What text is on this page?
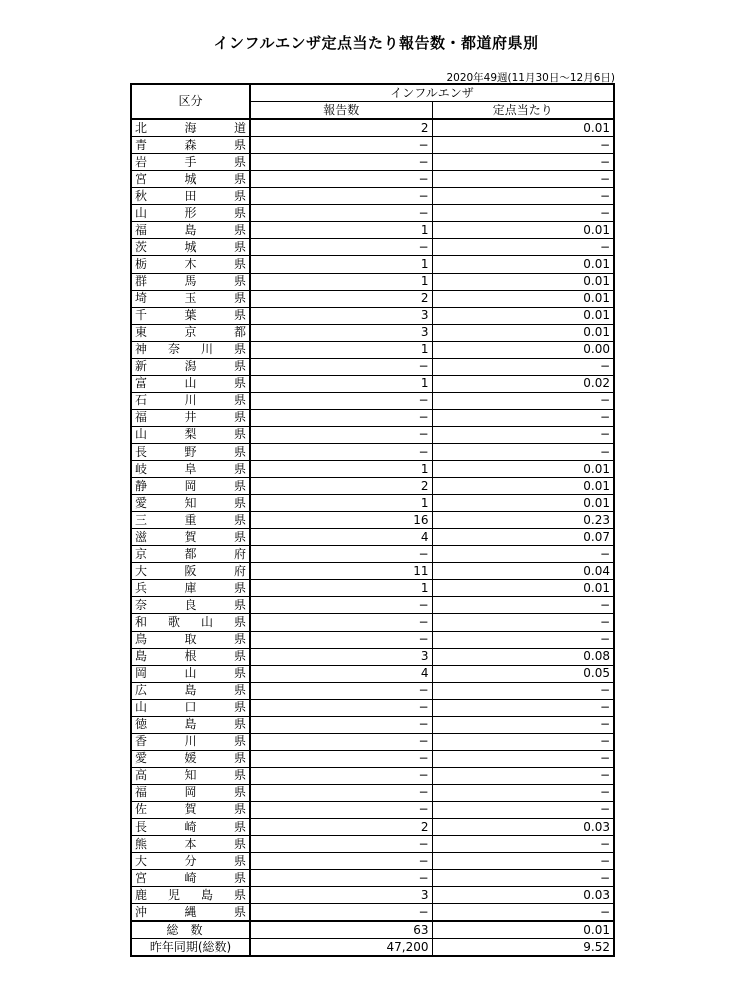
インフルエンザ定点当たり報告数・都道府県別
2020年49週(11月30日～12月6日)
区分	インフルエンザ	
	報告数	定点当たり
北海道	2	0.01
青森県	−	−
岩手県	−	−
宮城県	−	−
秋田県	−	−
山形県	−	−
福島県	1	0.01
茨城県	−	−
栃木県	1	0.01
群馬県	1	0.01
埼玉県	2	0.01
千葉県	3	0.01
東京都	3	0.01
神奈川県	1	0.00
新潟県	−	−
富山県	1	0.02
石川県	−	−
福井県	−	−
山梨県	−	−
長野県	−	−
岐阜県	1	0.01
静岡県	2	0.01
愛知県	1	0.01
三重県	16	0.23
滋賀県	4	0.07
京都府	−	−
大阪府	11	0.04
兵庫県	1	0.01
奈良県	−	−
和歌山県	−	−
鳥取県	−	−
島根県	3	0.08
岡山県	4	0.05
広島県	−	−
山口県	−	−
徳島県	−	−
香川県	−	−
愛媛県	−	−
高知県	−	−
福岡県	−	−
佐賀県	−	−
長崎県	2	0.03
熊本県	−	−
大分県	−	−
宮崎県	−	−
鹿児島県	3	0.03
沖縄県	−	−
総数	63	0.01
昨年同期(総数)	47,200	9.52
